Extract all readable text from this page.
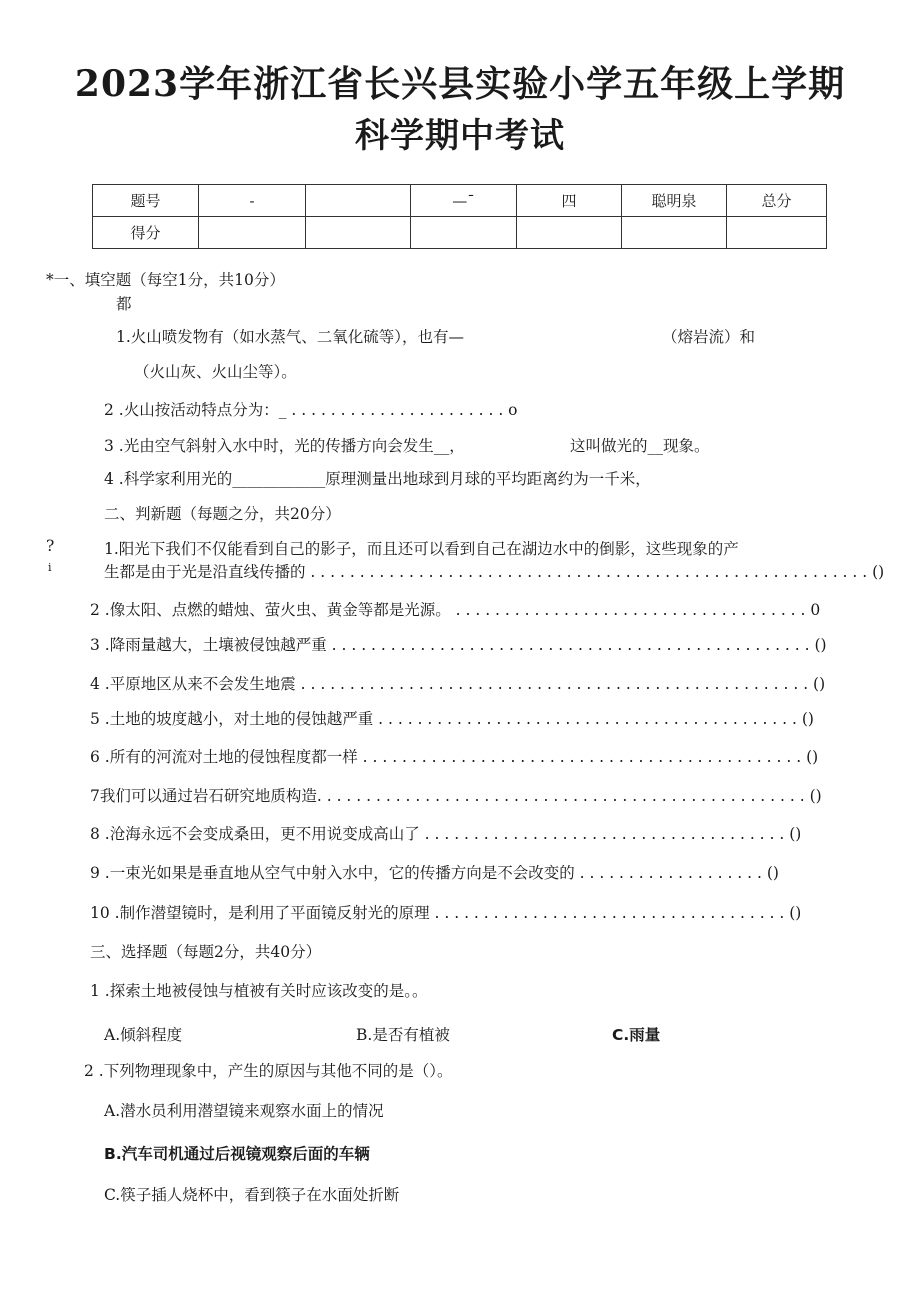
2023学年浙江省长兴县实验小学五年级上学期
科学期中考试
题号	-		—ˉ	四	聪明泉	总分
得分						
*一、填空题（每空1分，共10分）
都
1.火山喷发物有（如水蒸气、二氧化硫等），也有—	（熔岩流）和
（火山灰、火山尘等）。
2 .火山按活动特点分为：_ . . . . . . . . . . . . . . . . . . . . . . o
3 .光由空气斜射入水中时，光的传播方向会发生__，	这叫做光的__现象。
4 .科学家利用光的____________原理测量出地球到月球的平均距离约为一千米，
二、判新题（每题之分，共20分）
?
i
1.阳光下我们不仅能看到自己的影子，而且还可以看到自己在湖边水中的倒影，这些现象的产
生都是由于光是沿直线传播的 . . . . . . . . . . . . . . . . . . . . . . . . . . . . . . . . . . . . . . . . . . . . . . . . . . . . . . . . . ()
2 .像太阳、点燃的蜡烛、萤火虫、黄金等都是光源。 . . . . . . . . . . . . . . . . . . . . . . . . . . . . . . . . . . . . 0
3 .降雨量越大，土壤被侵蚀越严重 . . . . . . . . . . . . . . . . . . . . . . . . . . . . . . . . . . . . . . . . . . . . . . . . . ()
4 .平原地区从来不会发生地震 . . . . . . . . . . . . . . . . . . . . . . . . . . . . . . . . . . . . . . . . . . . . . . . . . . . . ()
5 .土地的坡度越小，对土地的侵蚀越严重 . . . . . . . . . . . . . . . . . . . . . . . . . . . . . . . . . . . . . . . . . . . ()
6 .所有的河流对土地的侵蚀程度都一样 . . . . . . . . . . . . . . . . . . . . . . . . . . . . . . . . . . . . . . . . . . . . . ()
7我们可以通过岩石研究地质构造. . . . . . . . . . . . . . . . . . . . . . . . . . . . . . . . . . . . . . . . . . . . . . . . . . ()
8 .沧海永远不会变成桑田，更不用说变成高山了 . . . . . . . . . . . . . . . . . . . . . . . . . . . . . . . . . . . . . ()
9 .一束光如果是垂直地从空气中射入水中，它的传播方向是不会改变的 . . . . . . . . . . . . . . . . . . . ()
10 .制作潜望镜时，是利用了平面镜反射光的原理 . . . . . . . . . . . . . . . . . . . . . . . . . . . . . . . . . . . . ()
三、选择题（每题2分，共40分）
1 .探索土地被侵蚀与植被有关时应该改变的是。。
A.倾斜程度	B.是否有植被	C.雨量
2 .下列物理现象中，产生的原因与其他不同的是（）。
A.潜水员利用潜望镜来观察水面上的情况
B.汽车司机通过后视镜观察后面的车辆
C.筷子插人烧杯中，看到筷子在水面处折断
